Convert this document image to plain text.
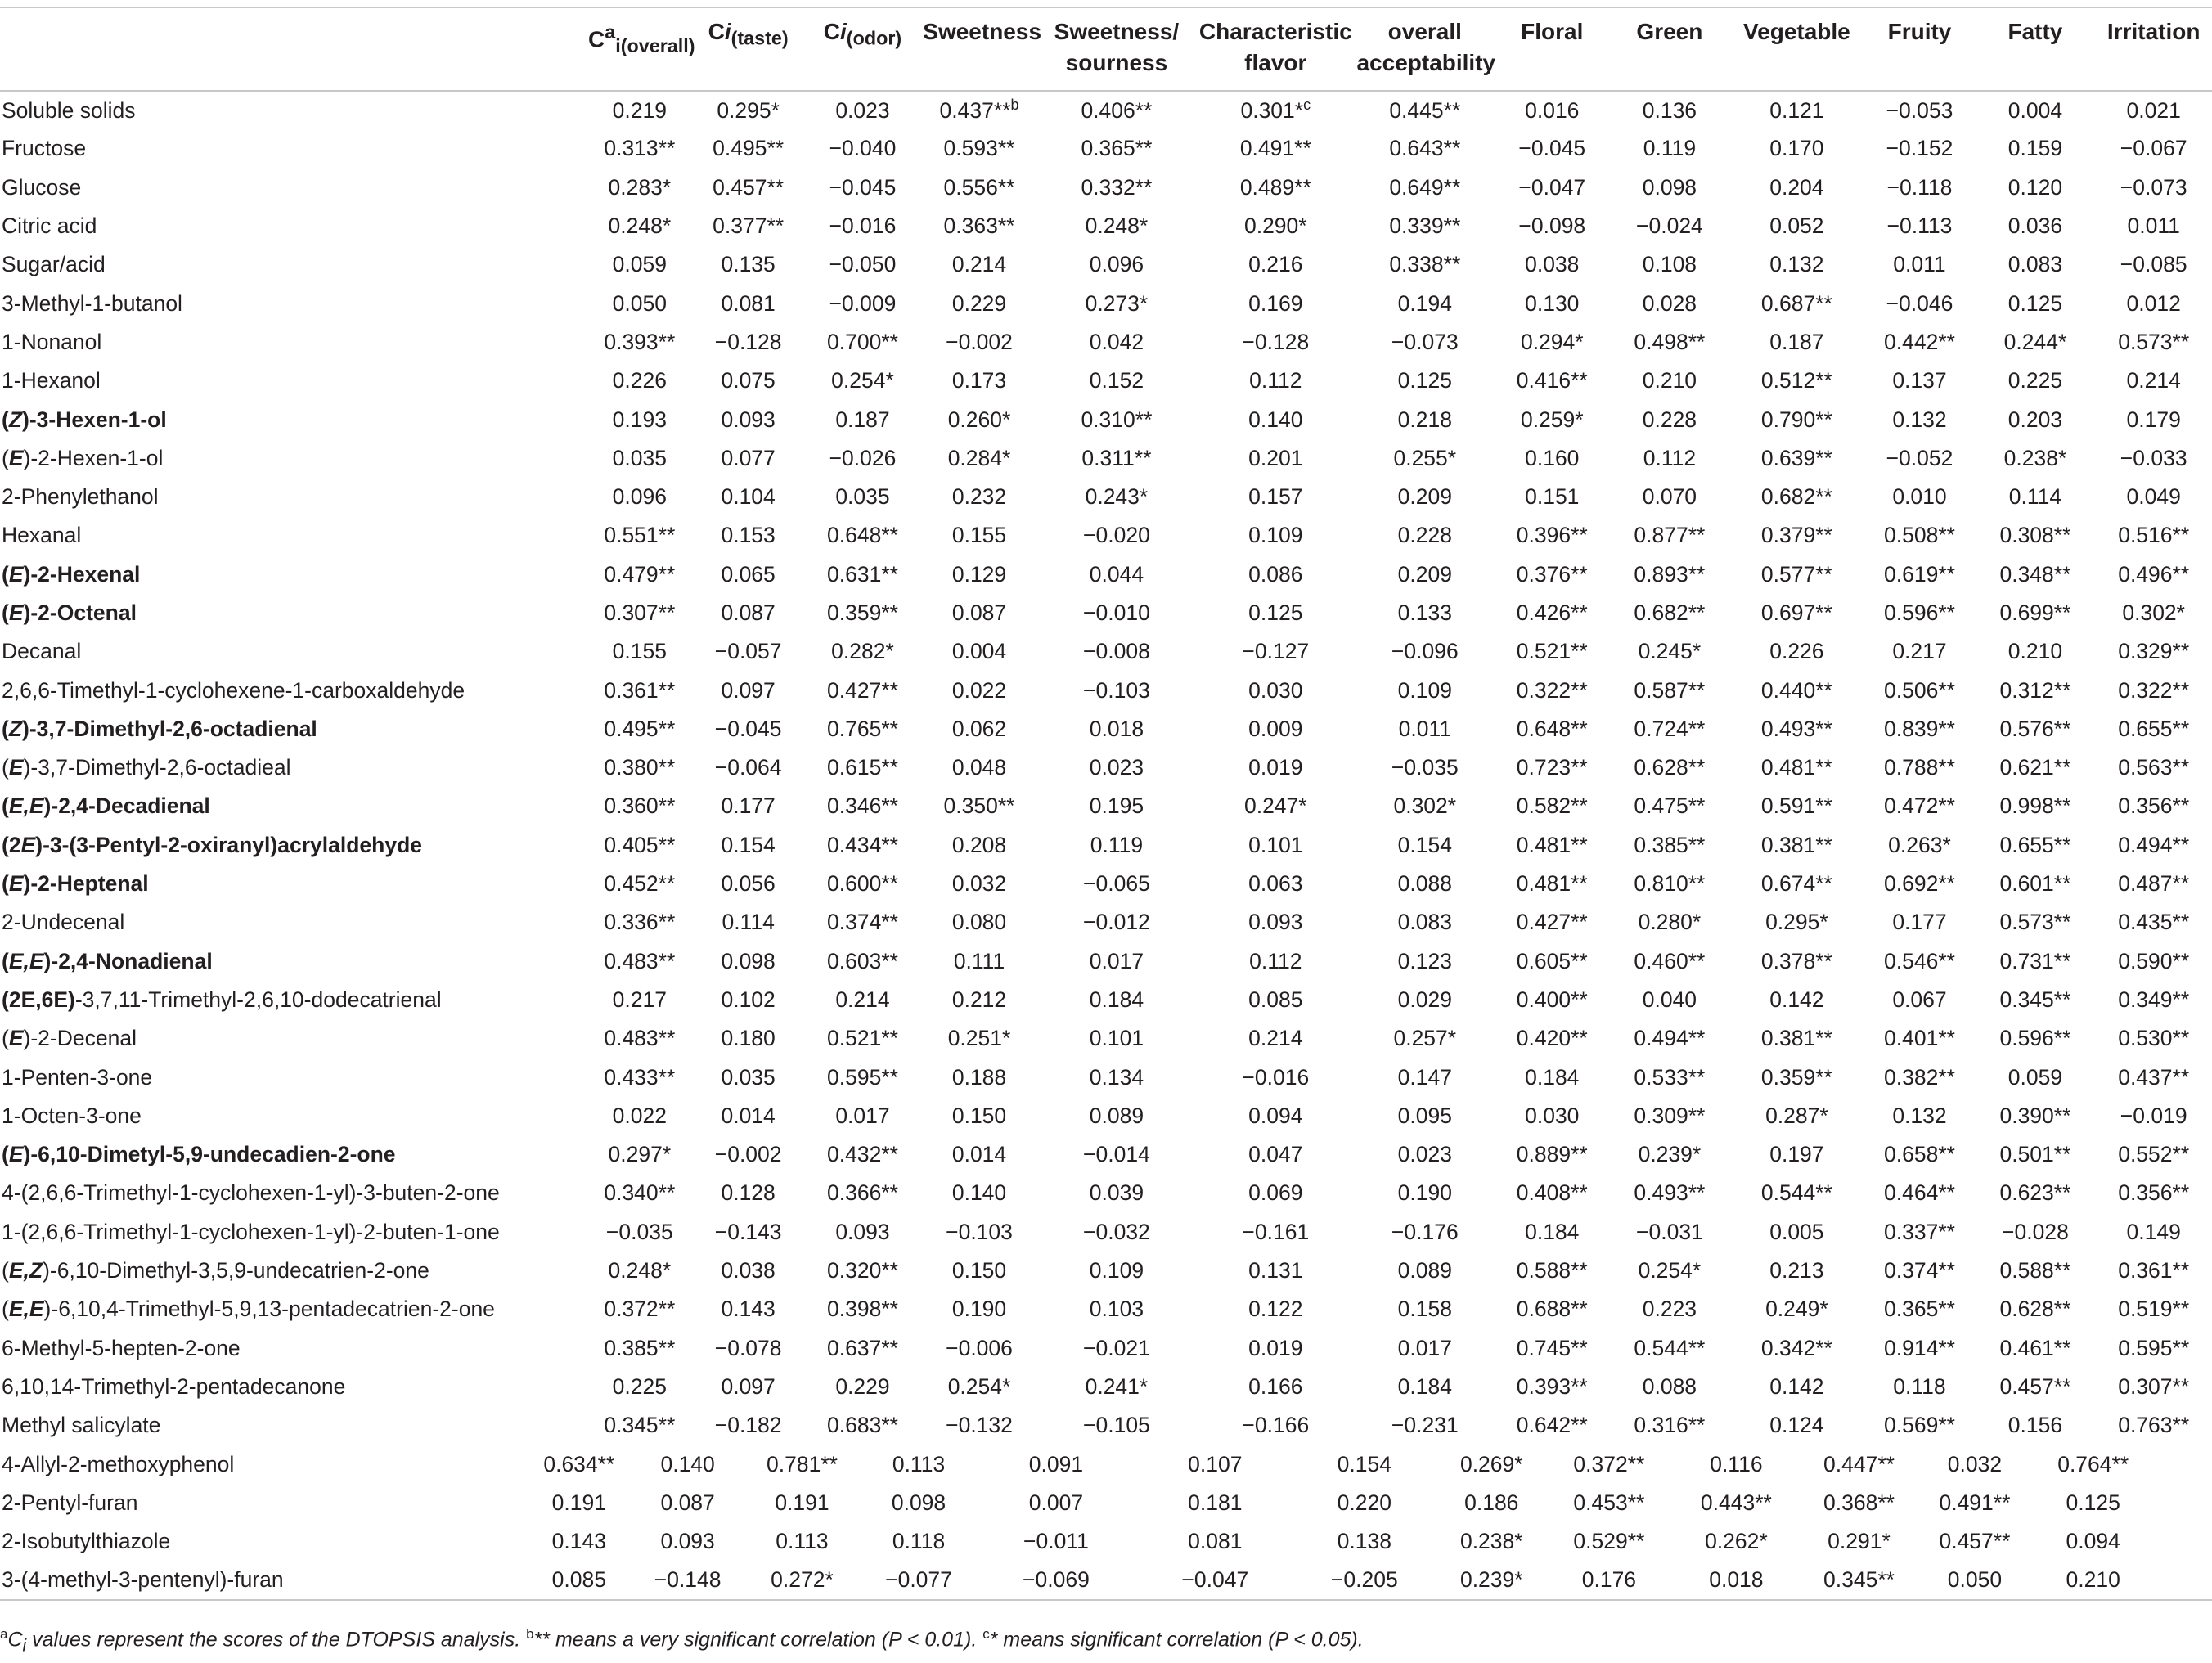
	$C^a_{i(overall)}$	$Ci_{(taste)}$	$Ci_{(odor)}$	Sweetness	Sweetness/ sourness	Characteristic flavor	overall acceptability	Floral	Green	Vegetable	Fruity	Fatty	Irritation
Soluble solids	0.219	0.295*	0.023	0.437**$^b$	0.406**	0.301*$^c$	0.445**	0.016	0.136	0.121	−0.053	0.004	0.021
Fructose	0.313**	0.495**	−0.040	0.593**	0.365**	0.491**	0.643**	−0.045	0.119	0.170	−0.152	0.159	−0.067
Glucose	0.283*	0.457**	−0.045	0.556**	0.332**	0.489**	0.649**	−0.047	0.098	0.204	−0.118	0.120	−0.073
Citric acid	0.248*	0.377**	−0.016	0.363**	0.248*	0.290*	0.339**	−0.098	−0.024	0.052	−0.113	0.036	0.011
Sugar/acid	0.059	0.135	−0.050	0.214	0.096	0.216	0.338**	0.038	0.108	0.132	0.011	0.083	−0.085
3-Methyl-1-butanol	0.050	0.081	−0.009	0.229	0.273*	0.169	0.194	0.130	0.028	0.687**	−0.046	0.125	0.012
1-Nonanol	0.393**	−0.128	0.700**	−0.002	0.042	−0.128	−0.073	0.294*	0.498**	0.187	0.442**	0.244*	0.573**
1-Hexanol	0.226	0.075	0.254*	0.173	0.152	0.112	0.125	0.416**	0.210	0.512**	0.137	0.225	0.214
(Z)-3-Hexen-1-ol	0.193	0.093	0.187	0.260*	0.310**	0.140	0.218	0.259*	0.228	0.790**	0.132	0.203	0.179
(E)-2-Hexen-1-ol	0.035	0.077	−0.026	0.284*	0.311**	0.201	0.255*	0.160	0.112	0.639**	−0.052	0.238*	−0.033
2-Phenylethanol	0.096	0.104	0.035	0.232	0.243*	0.157	0.209	0.151	0.070	0.682**	0.010	0.114	0.049
Hexanal	0.551**	0.153	0.648**	0.155	−0.020	0.109	0.228	0.396**	0.877**	0.379**	0.508**	0.308**	0.516**
(E)-2-Hexenal	0.479**	0.065	0.631**	0.129	0.044	0.086	0.209	0.376**	0.893**	0.577**	0.619**	0.348**	0.496**
(E)-2-Octenal	0.307**	0.087	0.359**	0.087	−0.010	0.125	0.133	0.426**	0.682**	0.697**	0.596**	0.699**	0.302*
Decanal	0.155	−0.057	0.282*	0.004	−0.008	−0.127	−0.096	0.521**	0.245*	0.226	0.217	0.210	0.329**
2,6,6-Timethyl-1-cyclohexene-1-carboxaldehyde	0.361**	0.097	0.427**	0.022	−0.103	0.030	0.109	0.322**	0.587**	0.440**	0.506**	0.312**	0.322**
(Z)-3,7-Dimethyl-2,6-octadienal	0.495**	−0.045	0.765**	0.062	0.018	0.009	0.011	0.648**	0.724**	0.493**	0.839**	0.576**	0.655**
(E)-3,7-Dimethyl-2,6-octadieal	0.380**	−0.064	0.615**	0.048	0.023	0.019	−0.035	0.723**	0.628**	0.481**	0.788**	0.621**	0.563**
(E,E)-2,4-Decadienal	0.360**	0.177	0.346**	0.350**	0.195	0.247*	0.302*	0.582**	0.475**	0.591**	0.472**	0.998**	0.356**
(2E)-3-(3-Pentyl-2-oxiranyl)acrylaldehyde	0.405**	0.154	0.434**	0.208	0.119	0.101	0.154	0.481**	0.385**	0.381**	0.263*	0.655**	0.494**
(E)-2-Heptenal	0.452**	0.056	0.600**	0.032	−0.065	0.063	0.088	0.481**	0.810**	0.674**	0.692**	0.601**	0.487**
2-Undecenal	0.336**	0.114	0.374**	0.080	−0.012	0.093	0.083	0.427**	0.280*	0.295*	0.177	0.573**	0.435**
(E,E)-2,4-Nonadienal	0.483**	0.098	0.603**	0.111	0.017	0.112	0.123	0.605**	0.460**	0.378**	0.546**	0.731**	0.590**
(2E,6E)-3,7,11-Trimethyl-2,6,10-dodecatrienal	0.217	0.102	0.214	0.212	0.184	0.085	0.029	0.400**	0.040	0.142	0.067	0.345**	0.349**
(E)-2-Decenal	0.483**	0.180	0.521**	0.251*	0.101	0.214	0.257*	0.420**	0.494**	0.381**	0.401**	0.596**	0.530**
1-Penten-3-one	0.433**	0.035	0.595**	0.188	0.134	−0.016	0.147	0.184	0.533**	0.359**	0.382**	0.059	0.437**
1-Octen-3-one	0.022	0.014	0.017	0.150	0.089	0.094	0.095	0.030	0.309**	0.287*	0.132	0.390**	−0.019
(E)-6,10-Dimetyl-5,9-undecadien-2-one	0.297*	−0.002	0.432**	0.014	−0.014	0.047	0.023	0.889**	0.239*	0.197	0.658**	0.501**	0.552**
4-(2,6,6-Trimethyl-1-cyclohexen-1-yl)-3-buten-2-one	0.340**	0.128	0.366**	0.140	0.039	0.069	0.190	0.408**	0.493**	0.544**	0.464**	0.623**	0.356**
1-(2,6,6-Trimethyl-1-cyclohexen-1-yl)-2-buten-1-one	−0.035	−0.143	0.093	−0.103	−0.032	−0.161	−0.176	0.184	−0.031	0.005	0.337**	−0.028	0.149
(E,Z)-6,10-Dimethyl-3,5,9-undecatrien-2-one	0.248*	0.038	0.320**	0.150	0.109	0.131	0.089	0.588**	0.254*	0.213	0.374**	0.588**	0.361**
(E,E)-6,10,4-Trimethyl-5,9,13-pentadecatrien-2-one	0.372**	0.143	0.398**	0.190	0.103	0.122	0.158	0.688**	0.223	0.249*	0.365**	0.628**	0.519**
6-Methyl-5-hepten-2-one	0.385**	−0.078	0.637**	−0.006	−0.021	0.019	0.017	0.745**	0.544**	0.342**	0.914**	0.461**	0.595**
6,10,14-Trimethyl-2-pentadecanone	0.225	0.097	0.229	0.254*	0.241*	0.166	0.184	0.393**	0.088	0.142	0.118	0.457**	0.307**
Methyl salicylate	0.345**	−0.182	0.683**	−0.132	−0.105	−0.166	−0.231	0.642**	0.316**	0.124	0.569**	0.156	0.763**
4-Allyl-2-methoxyphenol	0.634**	0.140	0.781**	0.113	0.091	0.107	0.154	0.269*	0.372**	0.116	0.447**	0.032	0.764**
2-Pentyl-furan	0.191	0.087	0.191	0.098	0.007	0.181	0.220	0.186	0.453**	0.443**	0.368**	0.491**	0.125
2-Isobutylthiazole	0.143	0.093	0.113	0.118	−0.011	0.081	0.138	0.238*	0.529**	0.262*	0.291*	0.457**	0.094
3-(4-methyl-3-pentenyl)-furan	0.085	−0.148	0.272*	−0.077	−0.069	−0.047	−0.205	0.239*	0.176	0.018	0.345**	0.050	0.210
$^aC_i$ values represent the scores of the DTOPSIS analysis. $^b$** means a very significant correlation (P < 0.01). $^c$* means significant correlation (P < 0.05).
